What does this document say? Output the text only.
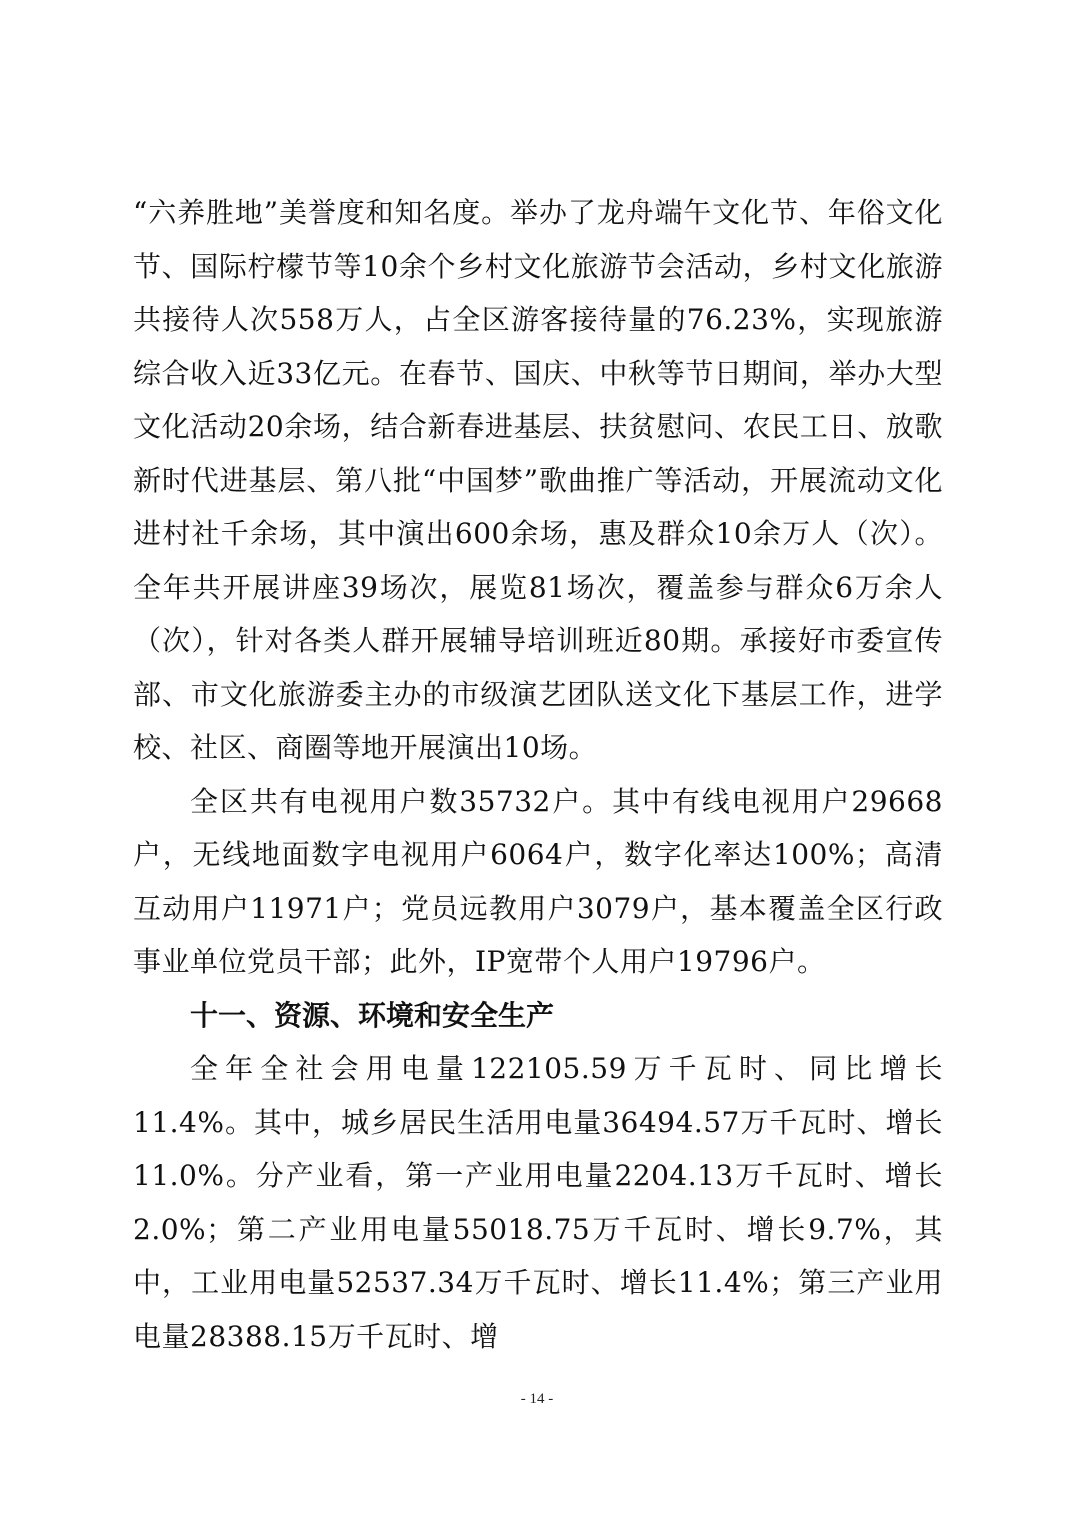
“六养胜地”美誉度和知名度。举办了龙舟端午文化节、年俗文化节、国际柠檬节等10余个乡村文化旅游节会活动，乡村文化旅游共接待人次558万人，占全区游客接待量的76.23%，实现旅游综合收入近33亿元。在春节、国庆、中秋等节日期间，举办大型文化活动20余场，结合新春进基层、扶贫慰问、农民工日、放歌新时代进基层、第八批“中国梦”歌曲推广等活动，开展流动文化进村社千余场，其中演出600余场，惠及群众10余万人（次）。全年共开展讲座39场次，展览81场次，覆盖参与群众6万余人（次），针对各类人群开展辅导培训班近80期。承接好市委宣传部、市文化旅游委主办的市级演艺团队送文化下基层工作，进学校、社区、商圈等地开展演出10场。

全区共有电视用户数35732户。其中有线电视用户29668户，无线地面数字电视用户6064户，数字化率达100%；高清互动用户11971户；党员远教用户3079户，基本覆盖全区行政事业单位党员干部；此外，IP宽带个人用户19796户。

十一、资源、环境和安全生产

全年全社会用电量122105.59万千瓦时、同比增长11.4%。其中，城乡居民生活用电量36494.57万千瓦时、增长11.0%。分产业看，第一产业用电量2204.13万千瓦时、增长2.0%；第二产业用电量55018.75万千瓦时、增长9.7%，其中，工业用电量52537.34万千瓦时、增长11.4%；第三产业用电量28388.15万千瓦时、增

- 14 -
